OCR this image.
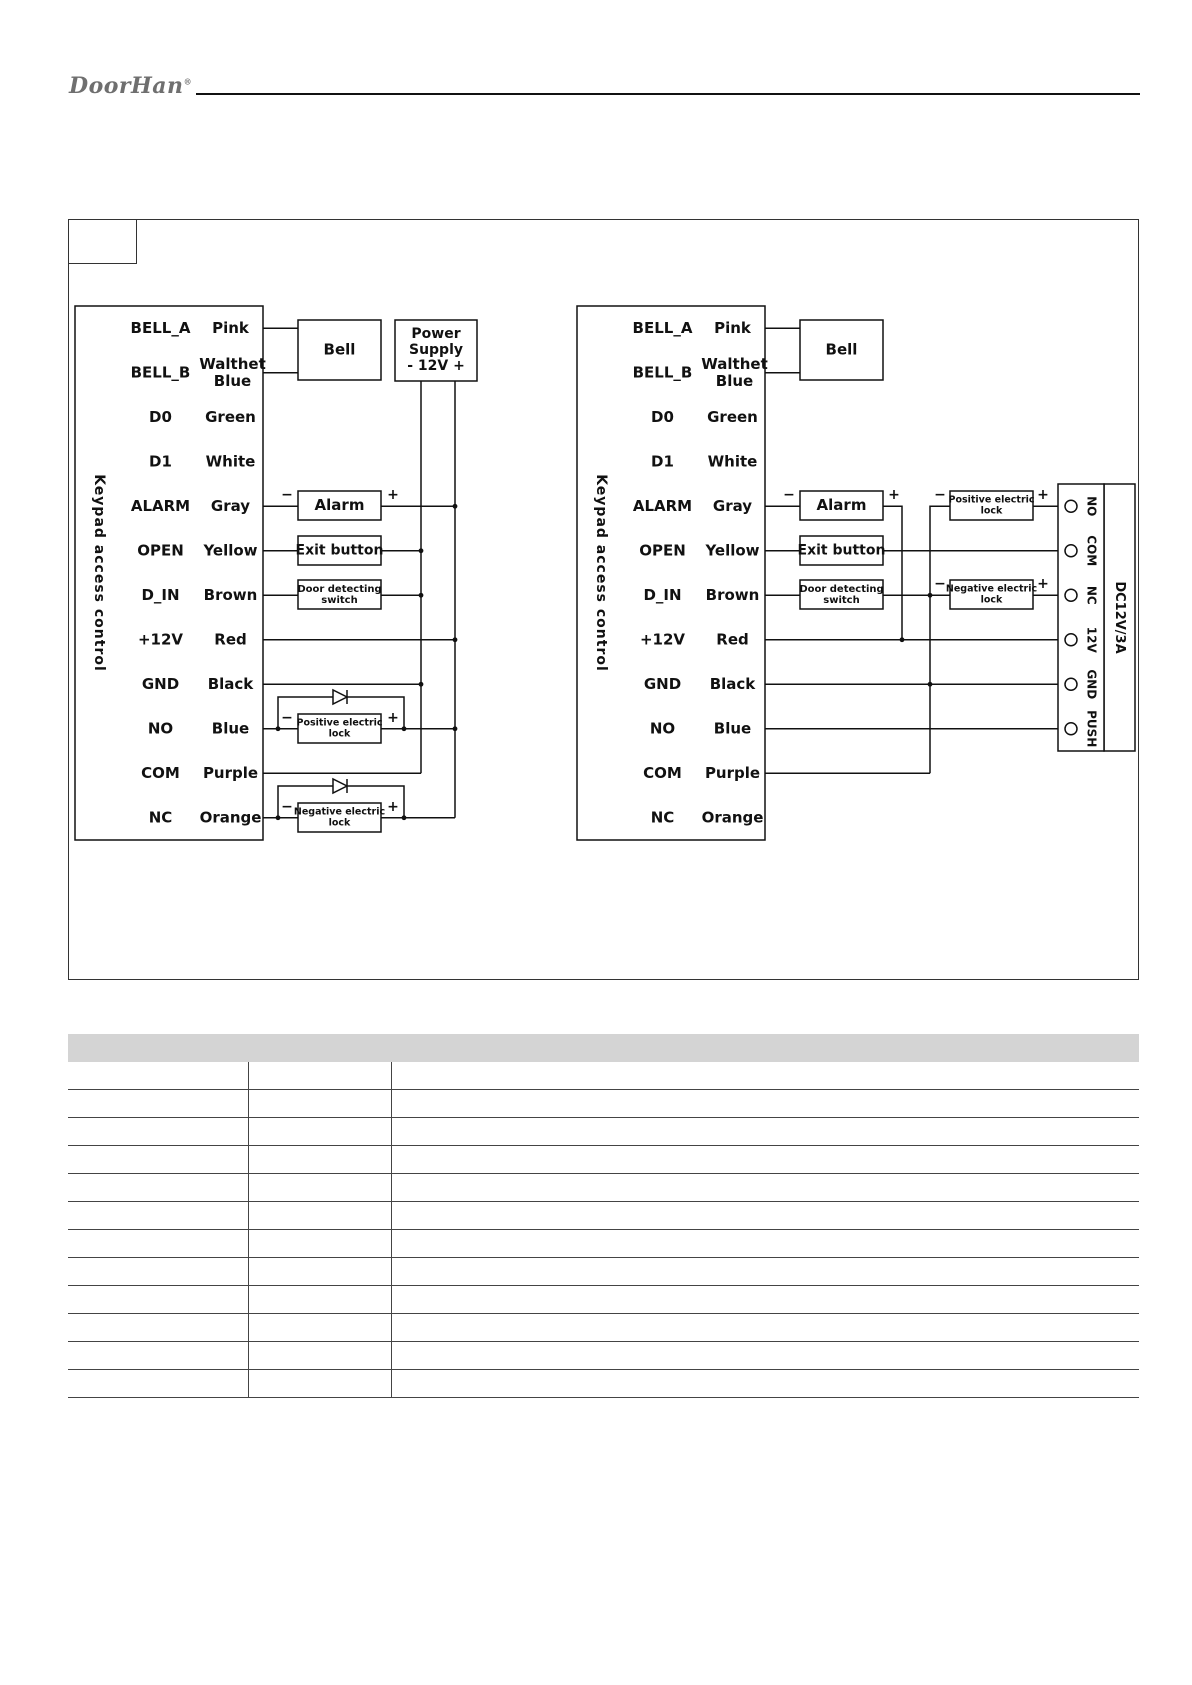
DoorHan®
Keypad access control
BELL_A Pink
BELL_B Walthet
Blue
D0 Green
D1 White
ALARM Gray
OPEN Yellow
D_IN Brown
+12V Red
GND Black
NO	Blue
COM Purple
NC Orange
Bell
Power
Supply
- 12V +
Alarm
−	+
Exit button
Door detecting
switch
Positive electric
lock
−	+
Negative electric
lock
−	+
Keypad access control
BELL_A Pink
BELL_B Walthet
Blue
D0 Green
D1 White
ALARM Gray
OPEN Yellow
D_IN Brown
+12V Red
GND Black
NO	Blue
COM Purple
NC Orange
Bell
DC12V/3A
NO
COM
NC
12V
GND
PUSH
Alarm
−	+	Positive electric
lock
−	+
Exit button
Door detecting
switch
Negative electric
lock
−	+
